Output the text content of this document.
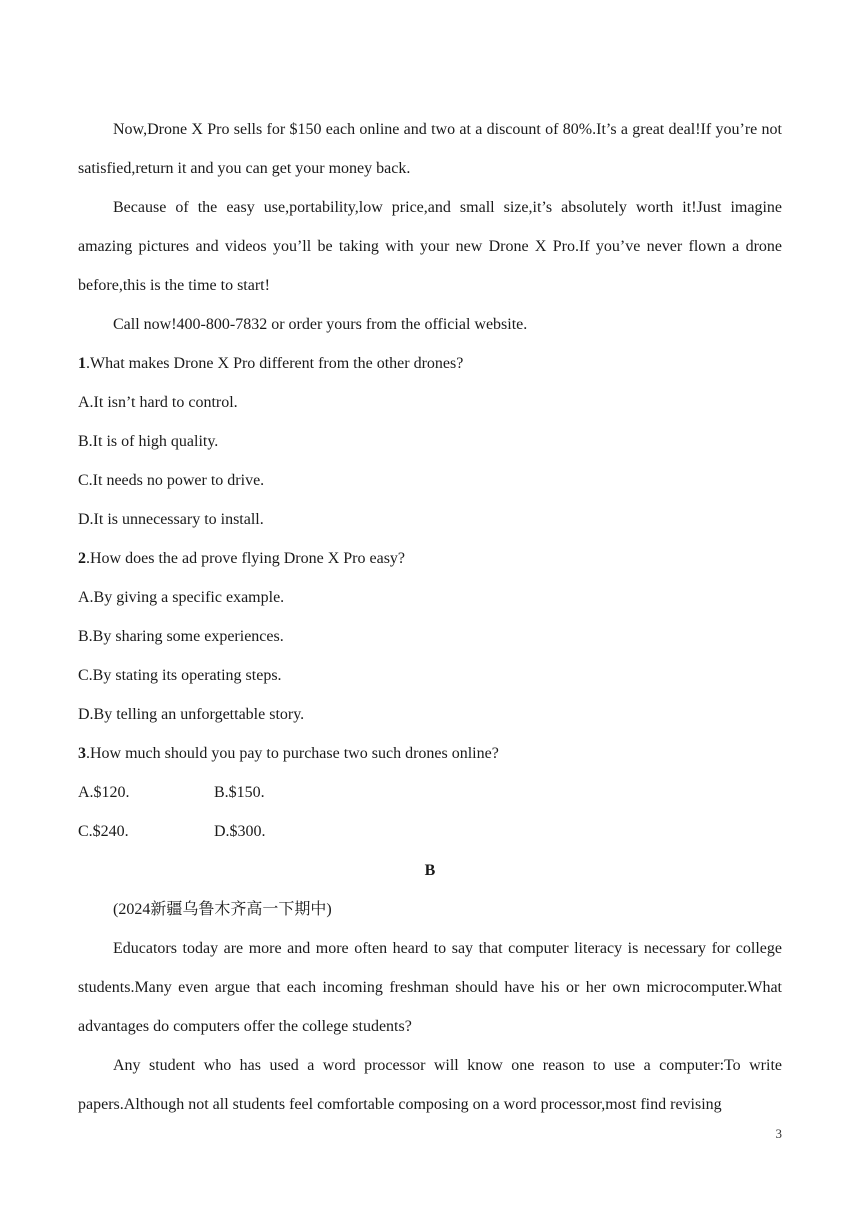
Now,Drone X Pro sells for $150 each online and two at a discount of 80%.It’s a great deal!If you’re not satisfied,return it and you can get your money back.

Because of the easy use,portability,low price,and small size,it’s absolutely worth it!Just imagine amazing pictures and videos you’ll be taking with your new Drone X Pro.If you’ve never flown a drone before,this is the time to start!

Call now!400-800-7832 or order yours from the official website.

1.What makes Drone X Pro different from the other drones?

A.It isn’t hard to control.

B.It is of high quality.

C.It needs no power to drive.

D.It is unnecessary to install.

2.How does the ad prove flying Drone X Pro easy?

A.By giving a specific example.

B.By sharing some experiences.

C.By stating its operating steps.

D.By telling an unforgettable story.

3.How much should you pay to purchase two such drones online?

A.$120.	B.$150.
C.$240.	D.$300.

B

(2024新疆乌鲁木齐高一下期中)

Educators today are more and more often heard to say that computer literacy is necessary for college students.Many even argue that each incoming freshman should have his or her own microcomputer.What advantages do computers offer the college students?

Any student who has used a word processor will know one reason to use a computer:To write papers.Although not all students feel comfortable composing on a word processor,most find revising

3
